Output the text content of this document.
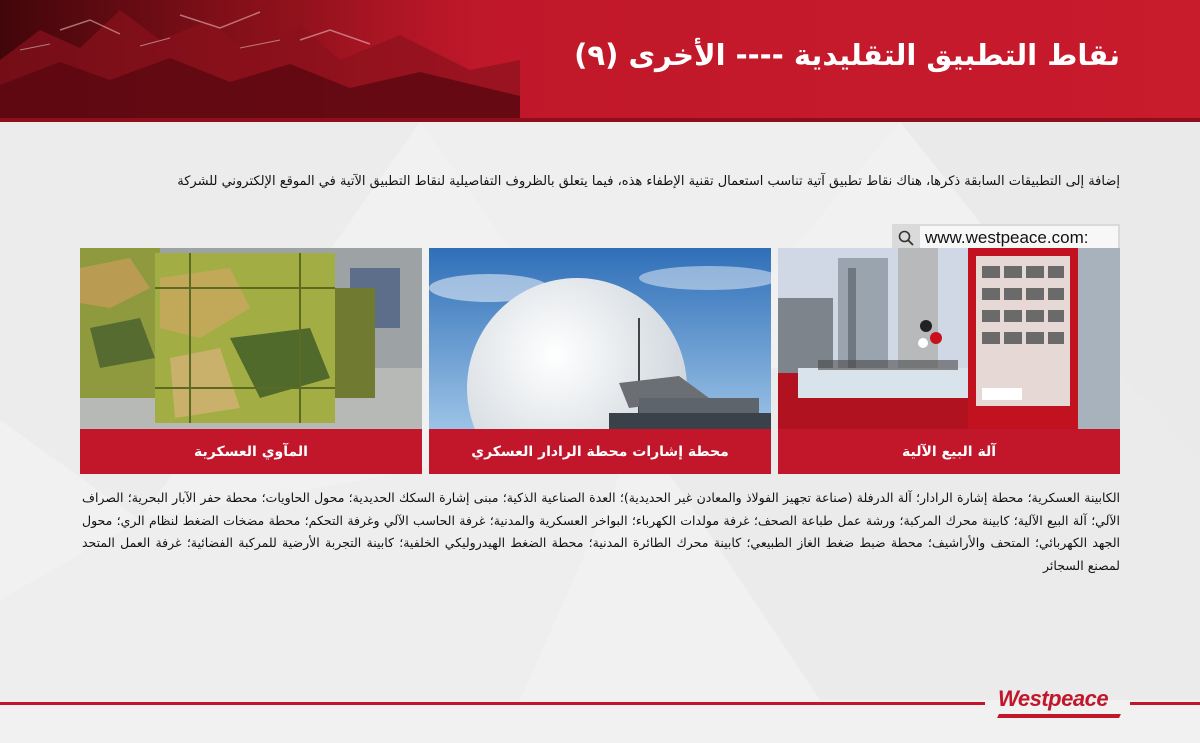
نقاط التطبيق التقليدية ---- الأخرى (٩)
إضافة إلى التطبيقات السابقة ذكرها، هناك نقاط تطبيق آتية تناسب استعمال تقنية الإطفاء هذه، فيما يتعلق بالظروف التفاصيلية لنقاط التطبيق الآتية في الموقع الإلكتروني للشركة
www.westpeace.com:
آلة البيع الآلية
محطة إشارات محطة الرادار العسكري
المآوي العسكرية
الكابينة العسكرية؛ محطة إشارة الرادار؛ آلة الدرفلة (صناعة تجهيز الفولاذ والمعادن غير الحديدية)؛ العدة الصناعية الذكية؛ مبنى إشارة السكك الحديدية؛ محول الحاويات؛ محطة حفر الآبار البحرية؛ الصراف الآلي؛ آلة البيع الآلية؛ كابينة محرك المركبة؛ ورشة عمل طباعة الصحف؛ غرفة مولدات الكهرباء؛ البواخر العسكرية والمدنية؛ غرفة الحاسب الآلي وغرفة التحكم؛ محطة مضخات الضغط لنظام الري؛ محول الجهد الكهربائي؛ المتحف والأراشيف؛ محطة ضبط ضغط الغاز الطبيعي؛ كابينة محرك الطائرة المدنية؛ محطة الضغط الهيدروليكي الخلفية؛ كابينة التجربة الأرضية للمركبة الفضائية؛ غرفة العمل المتحد لمصنع السجائر
Westpeace
